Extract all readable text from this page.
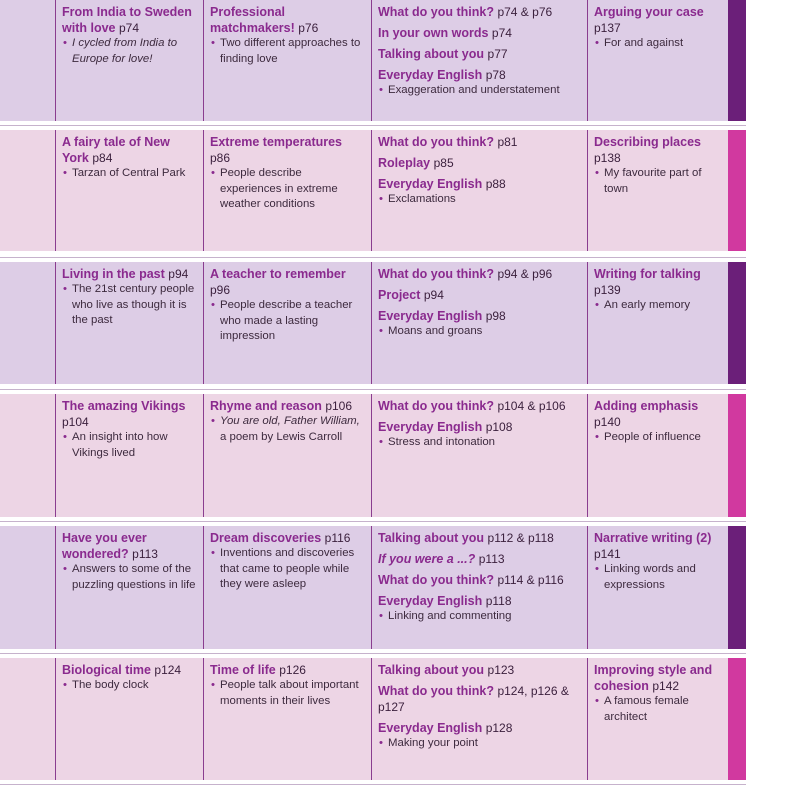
From India to Sweden with love p74
• I cycled from India to Europe for love!
Professional matchmakers! p76
• Two different approaches to finding love
What do you think? p74 & p76
In your own words p74
Talking about you p77
Everyday English p78
• Exaggeration and understatement
Arguing your case p137
• For and against
A fairy tale of New York p84
• Tarzan of Central Park
Extreme temperatures p86
• People describe experiences in extreme weather conditions
What do you think? p81
Roleplay p85
Everyday English p88
• Exclamations
Describing places p138
• My favourite part of town
Living in the past p94
• The 21st century people who live as though it is the past
A teacher to remember p96
• People describe a teacher who made a lasting impression
What do you think? p94 & p96
Project p94
Everyday English p98
• Moans and groans
Writing for talking p139
• An early memory
The amazing Vikings p104
• An insight into how Vikings lived
Rhyme and reason p106
• You are old, Father William, a poem by Lewis Carroll
What do you think? p104 & p106
Everyday English p108
• Stress and intonation
Adding emphasis p140
• People of influence
Have you ever wondered? p113
• Answers to some of the puzzling questions in life
Dream discoveries p116
• Inventions and discoveries that came to people while they were asleep
Talking about you p112 & p118
If you were a ...? p113
What do you think? p114 & p116
Everyday English p118
• Linking and commenting
Narrative writing (2) p141
• Linking words and expressions
Biological time p124
• The body clock
Time of life p126
• People talk about important moments in their lives
Talking about you p123
What do you think? p124, p126 & p127
Everyday English p128
• Making your point
Improving style and cohesion p142
• A famous female architect
